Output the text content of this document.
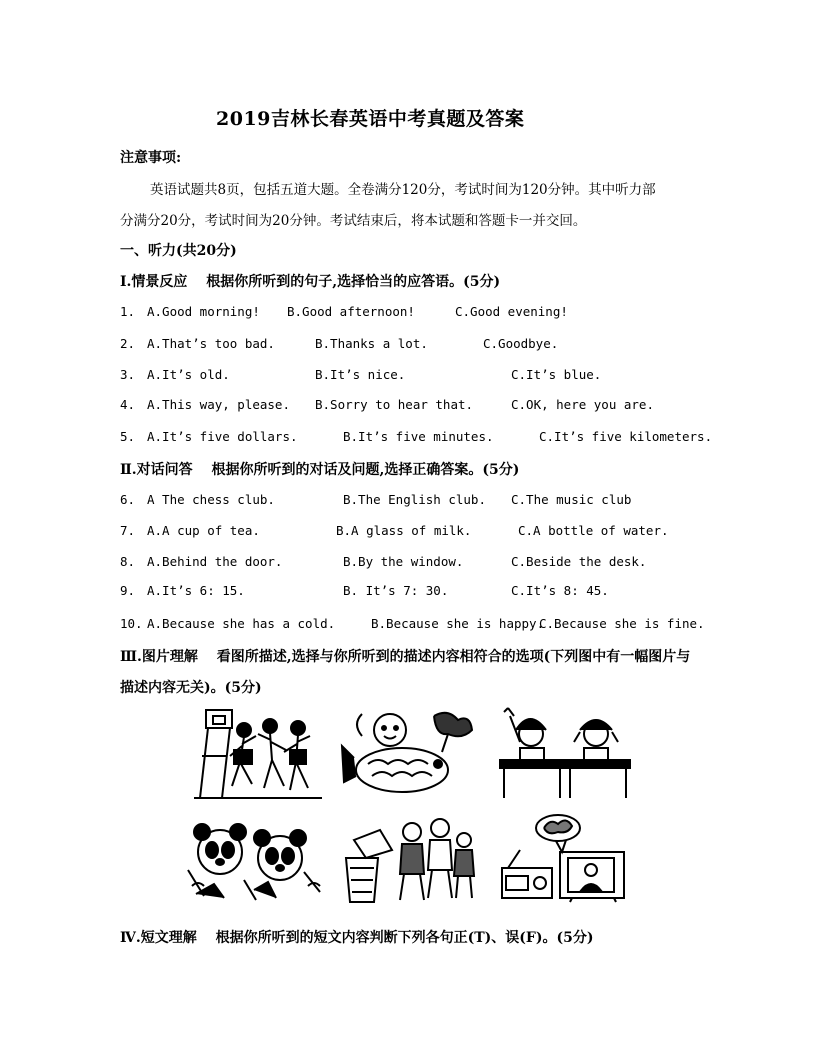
2019吉林长春英语中考真题及答案
注意事项:
英语试题共8页，包括五道大题。全卷满分120分，考试时间为120分钟。其中听力部
分满分20分，考试时间为20分钟。考试结束后，将本试题和答题卡一并交回。
一、听力(共20分)
Ⅰ.情景反应　 根据你所听到的句子,选择恰当的应答语。(5分)
1. A.Good morning! B.Good afternoon!	C.Good evening!
2. A.That’s too bad.	B.Thanks a lot.	C.Goodbye.
3. A.It’s old.	B.It’s nice.	C.It’s blue.
4. A.This way, please. B.Sorry to hear that.	C.OK, here you are.
5. A.It’s five dollars.	B.It’s five minutes.	C.It’s five kilometers.
Ⅱ.对话问答　 根据你所听到的对话及问题,选择正确答案。(5分)
6. A The chess club.	B.The English club. C.The music club
7. A.A cup of tea.	B.A glass of milk.	C.A bottle of water.
8. A.Behind the door.	B.By the window.	C.Beside the desk.
9. A.It’s 6: 15.	B. It’s 7: 30.	C.It’s 8: 45.
10. A.Because she has a cold.	B.Because she is happy.
C.Because she is fine.
Ⅲ.图片理解　 看图所描述,选择与你所听到的描述内容相符合的选项(下列图中有一幅图片与
描述内容无关)。(5分)
Ⅳ.短文理解　 根据你所听到的短文内容判断下列各句正(T)、误(F)。(5分)
